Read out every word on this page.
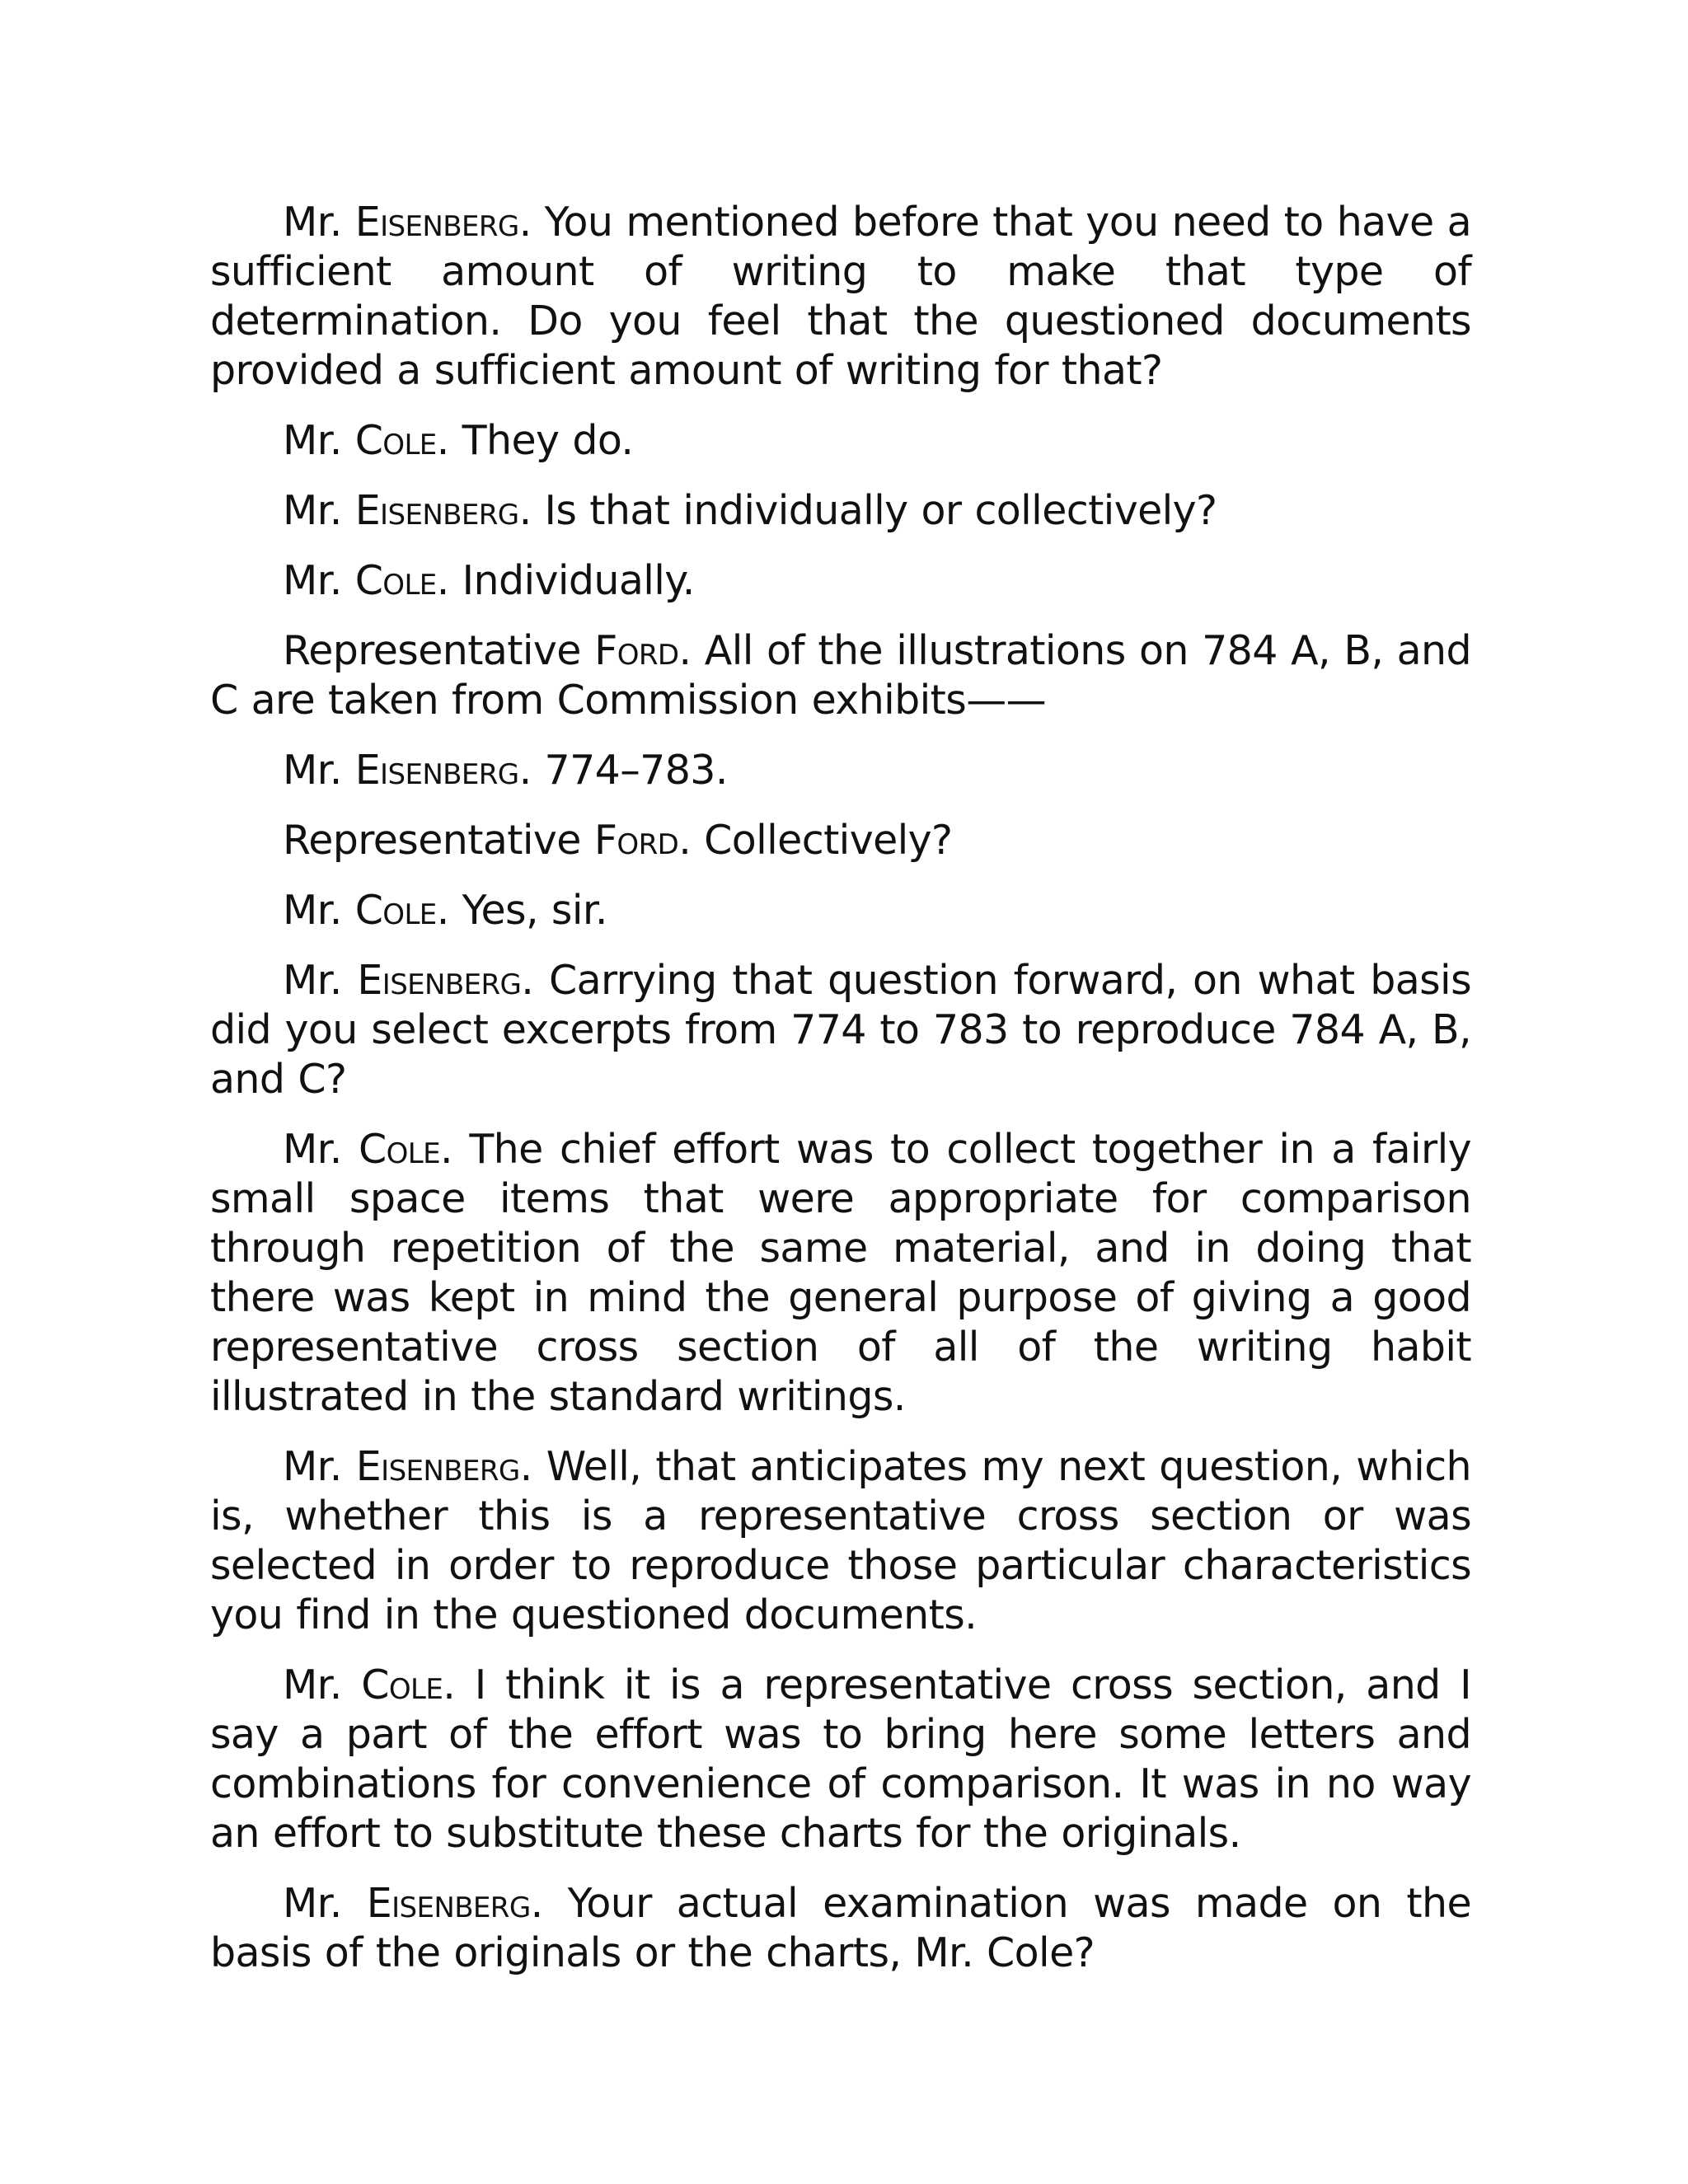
Mr. Eisenberg. You mentioned before that you need to have a sufficient amount of writing to make that type of determination. Do you feel that the questioned documents provided a sufficient amount of writing for that?

Mr. Cole. They do.

Mr. Eisenberg. Is that individually or collectively?

Mr. Cole. Individually.

Representative Ford. All of the illustrations on 784 A, B, and C are taken from Commission exhibits——

Mr. Eisenberg. 774–783.

Representative Ford. Collectively?

Mr. Cole. Yes, sir.

Mr. Eisenberg. Carrying that question forward, on what basis did you select excerpts from 774 to 783 to reproduce 784 A, B, and C?

Mr. Cole. The chief effort was to collect together in a fairly small space items that were appropriate for comparison through repetition of the same material, and in doing that there was kept in mind the general purpose of giving a good representative cross section of all of the writing habit illustrated in the standard writings.

Mr. Eisenberg. Well, that anticipates my next question, which is, whether this is a representative cross section or was selected in order to reproduce those particular characteristics you find in the questioned documents.

Mr. Cole. I think it is a representative cross section, and I say a part of the effort was to bring here some letters and combinations for convenience of comparison. It was in no way an effort to substitute these charts for the originals.

Mr. Eisenberg. Your actual examination was made on the basis of the originals or the charts, Mr. Cole?
